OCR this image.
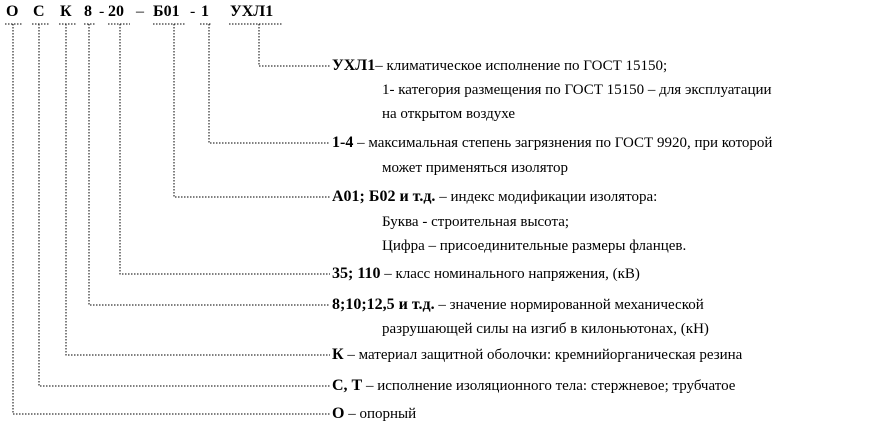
О С К 8 - 20 – Б01 - 1 УХЛ1
УХЛ1– климатическое исполнение по ГОСТ 15150;
1- категория размещения по ГОСТ 15150 – для эксплуатации
на открытом воздухе
1-4 – максимальная степень загрязнения по ГОСТ 9920, при которой
может применяться изолятор
А01; Б02 и т.д. – индекс модификации изолятора:
Буква - строительная высота;
Цифра – присоединительные размеры фланцев.
35; 110 – класс номинального напряжения, (кВ)
8;10;12,5 и т.д. – значение нормированной механической
разрушающей силы на изгиб в килоньютонах, (кН)
К – материал защитной оболочки: кремнийорганическая резина
С, Т – исполнение изоляционного тела: стержневое; трубчатое
О – опорный
